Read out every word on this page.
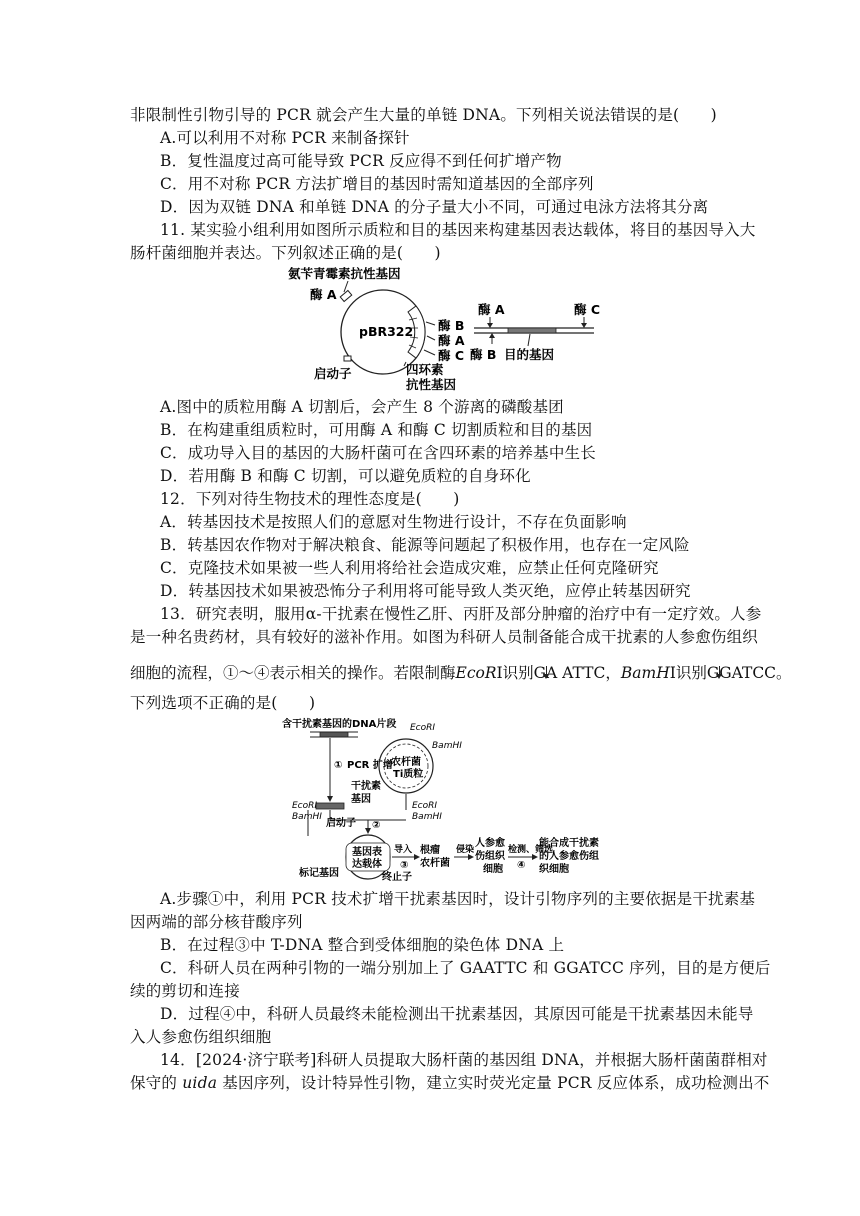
非限制性引物引导的 PCR 就会产生大量的单链 DNA。下列相关说法错误的是(　　)
A.可以利用不对称 PCR 来制备探针
B．复性温度过高可能导致 PCR 反应得不到任何扩增产物
C．用不对称 PCR 方法扩增目的基因时需知道基因的全部序列
D．因为双链 DNA 和单链 DNA 的分子量大小不同，可通过电泳方法将其分离
11. 某实验小组利用如图所示质粒和目的基因来构建基因表达载体，将目的基因导入大
肠杆菌细胞并表达。下列叙述正确的是(　　)
氨苄青霉素抗性基因
酶 A
pBR322 酶 B
酶 A
酶 C
启动子	四环素
抗性基因
酶 A	酶 C
酶 B 目的基因
A.图中的质粒用酶 A 切割后，会产生 8 个游离的磷酸基团
B．在构建重组质粒时，可用酶 A 和酶 C 切割质粒和目的基因
C．成功导入目的基因的大肠杆菌可在含四环素的培养基中生长
D．若用酶 B 和酶 C 切割，可以避免质粒的自身环化
12．下列对待生物技术的理性态度是(　　)
A．转基因技术是按照人们的意愿对生物进行设计，不存在负面影响
B．转基因农作物对于解决粮食、能源等问题起了积极作用，也存在一定风险
C．克隆技术如果被一些人利用将给社会造成灾难，应禁止任何克隆研究
D．转基因技术如果被恐怖分子利用将可能导致人类灭绝，应停止转基因研究
13．研究表明，服用α-干扰素在慢性乙肝、丙肝及部分肿瘤的治疗中有一定疗效。人参
是一种名贵药材，具有较好的滋补作用。如图为科研人员制备能合成干扰素的人参愈伤组织
细胞的流程，①～④表示相关的操作。若限制酶EcoRⅠ识别GA ATTC，BamHⅠ识别GGATCC。
下列选项不正确的是(　　)
含干扰素基因的DNA片段
① PCR 扩增
干扰 素
基因
EcoRⅠ
BamHⅠ
农杆菌
Ti质粒
EcoRⅠ
BamHⅠ
EcoRⅠ
BamHⅠ
②
启动子
基因表
达载体
标记基因	终止子
导入
③
根瘤
农杆菌
侵染
人参愈
伤组织
细胞
检测、筛选
④
能合成干扰素
的人参愈伤组
织细胞
A.步骤①中，利用 PCR 技术扩增干扰素基因时，设计引物序列的主要依据是干扰素基
因两端的部分核苷酸序列
B．在过程③中 T-DNA 整合到受体细胞的染色体 DNA 上
C．科研人员在两种引物的一端分别加上了 GAATTC 和 GGATCC 序列，目的是方便后
续的剪切和连接
D．过程④中，科研人员最终未能检测出干扰素基因，其原因可能是干扰素基因未能导
入人参愈伤组织细胞
14．[2024·济宁联考]科研人员提取大肠杆菌的基因组 DNA，并根据大肠杆菌菌群相对
保守的 uida 基因序列，设计特异性引物，建立实时荧光定量 PCR 反应体系，成功检测出不
